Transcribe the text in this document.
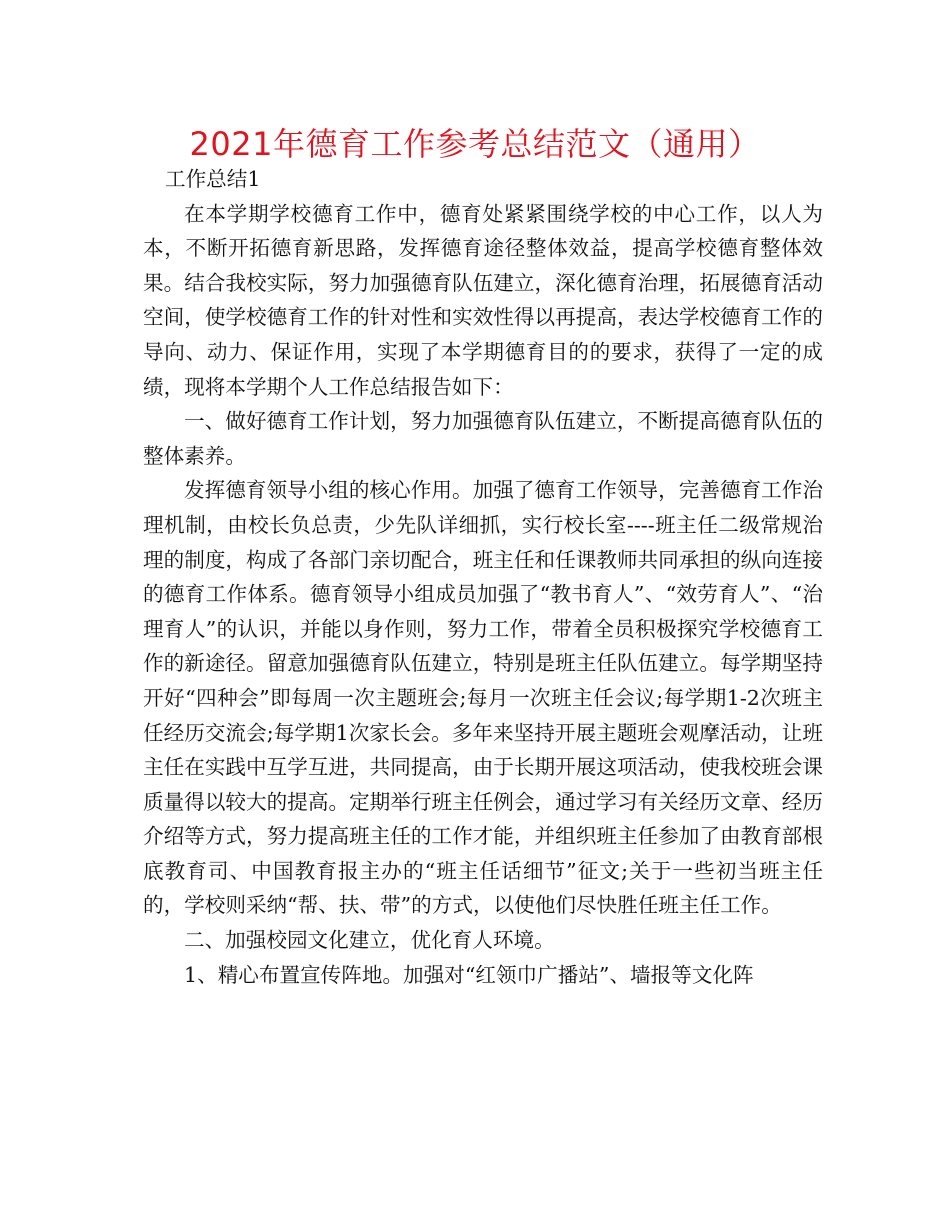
2021年德育工作参考总结范文（通用）

工作总结1

在本学期学校德育工作中，德育处紧紧围绕学校的中心工作，以人为本，不断开拓德育新思路，发挥德育途径整体效益，提高学校德育整体效果。结合我校实际，努力加强德育队伍建立，深化德育治理，拓展德育活动空间，使学校德育工作的针对性和实效性得以再提高，表达学校德育工作的导向、动力、保证作用，实现了本学期德育目的的要求，获得了一定的成绩，现将本学期个人工作总结报告如下：

一、做好德育工作计划，努力加强德育队伍建立，不断提高德育队伍的整体素养。

发挥德育领导小组的核心作用。加强了德育工作领导，完善德育工作治理机制，由校长负总责，少先队详细抓，实行校长室----班主任二级常规治理的制度，构成了各部门亲切配合，班主任和任课教师共同承担的纵向连接的德育工作体系。德育领导小组成员加强了“教书育人”、“效劳育人”、“治理育人”的认识，并能以身作则，努力工作，带着全员积极探究学校德育工作的新途径。留意加强德育队伍建立，特别是班主任队伍建立。每学期坚持开好“四种会”即每周一次主题班会;每月一次班主任会议;每学期1-2次班主任经历交流会;每学期1次家长会。多年来坚持开展主题班会观摩活动，让班主任在实践中互学互进，共同提高，由于长期开展这项活动，使我校班会课质量得以较大的提高。定期举行班主任例会，通过学习有关经历文章、经历介绍等方式，努力提高班主任的工作才能，并组织班主任参加了由教育部根底教育司、中国教育报主办的“班主任话细节”征文;关于一些初当班主任的，学校则采纳“帮、扶、带”的方式，以使他们尽快胜任班主任工作。

二、加强校园文化建立，优化育人环境。

1、精心布置宣传阵地。加强对“红领巾广播站”、墙报等文化阵
